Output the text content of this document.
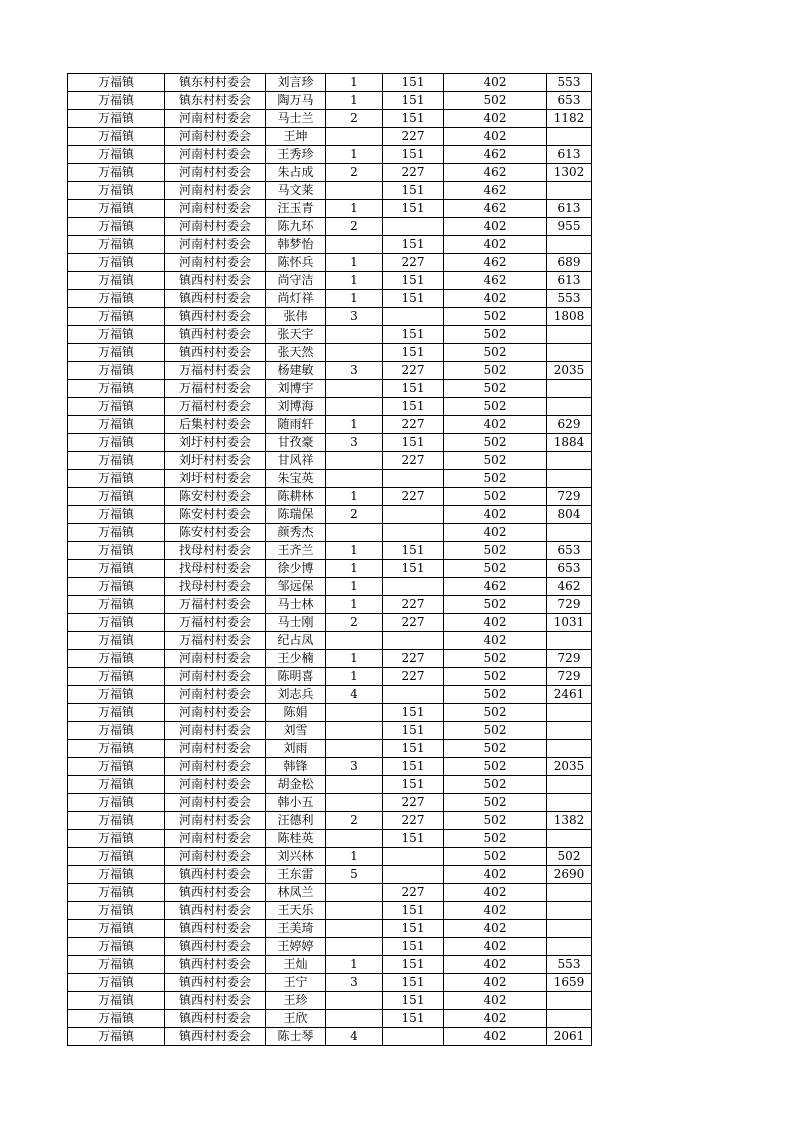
万福镇	镇东村村委会	刘言珍	1	151	402	553
万福镇	镇东村村委会	陶万马	1	151	502	653
万福镇	河南村村委会	马士兰	2	151	402	1182
万福镇	河南村村委会	王坤		227	402	
万福镇	河南村村委会	王秀珍	1	151	462	613
万福镇	河南村村委会	朱占成	2	227	462	1302
万福镇	河南村村委会	马文莱		151	462	
万福镇	河南村村委会	汪玉青	1	151	462	613
万福镇	河南村村委会	陈九环	2		402	955
万福镇	河南村村委会	韩梦怡		151	402	
万福镇	河南村村委会	陈怀兵	1	227	462	689
万福镇	镇西村村委会	尚守洁	1	151	462	613
万福镇	镇西村村委会	尚灯祥	1	151	402	553
万福镇	镇西村村委会	张伟	3		502	1808
万福镇	镇西村村委会	张天宇		151	502	
万福镇	镇西村村委会	张天然		151	502	
万福镇	万福村村委会	杨建敏	3	227	502	2035
万福镇	万福村村委会	刘博宇		151	502	
万福镇	万福村村委会	刘博海		151	502	
万福镇	后集村村委会	随雨轩	1	227	402	629
万福镇	刘圩村村委会	甘孜豪	3	151	502	1884
万福镇	刘圩村村委会	甘风祥		227	502	
万福镇	刘圩村村委会	朱宝英			502	
万福镇	陈安村村委会	陈耕林	1	227	502	729
万福镇	陈安村村委会	陈瑞保	2		402	804
万福镇	陈安村村委会	颜秀杰			402	
万福镇	找母村村委会	王齐兰	1	151	502	653
万福镇	找母村村委会	徐少博	1	151	502	653
万福镇	找母村村委会	邹远保	1		462	462
万福镇	万福村村委会	马士林	1	227	502	729
万福镇	万福村村委会	马士刚	2	227	402	1031
万福镇	万福村村委会	纪占凤			402	
万福镇	河南村村委会	王少楠	1	227	502	729
万福镇	河南村村委会	陈明喜	1	227	502	729
万福镇	河南村村委会	刘志兵	4		502	2461
万福镇	河南村村委会	陈娟		151	502	
万福镇	河南村村委会	刘雪		151	502	
万福镇	河南村村委会	刘雨		151	502	
万福镇	河南村村委会	韩锋	3	151	502	2035
万福镇	河南村村委会	胡金松		151	502	
万福镇	河南村村委会	韩小五		227	502	
万福镇	河南村村委会	汪德利	2	227	502	1382
万福镇	河南村村委会	陈桂英		151	502	
万福镇	河南村村委会	刘兴林	1		502	502
万福镇	镇西村村委会	王东雷	5		402	2690
万福镇	镇西村村委会	林凤兰		227	402	
万福镇	镇西村村委会	王天乐		151	402	
万福镇	镇西村村委会	王美琦		151	402	
万福镇	镇西村村委会	王婷婷		151	402	
万福镇	镇西村村委会	王灿	1	151	402	553
万福镇	镇西村村委会	王宁	3	151	402	1659
万福镇	镇西村村委会	王珍		151	402	
万福镇	镇西村村委会	王欣		151	402	
万福镇	镇西村村委会	陈士琴	4		402	2061
